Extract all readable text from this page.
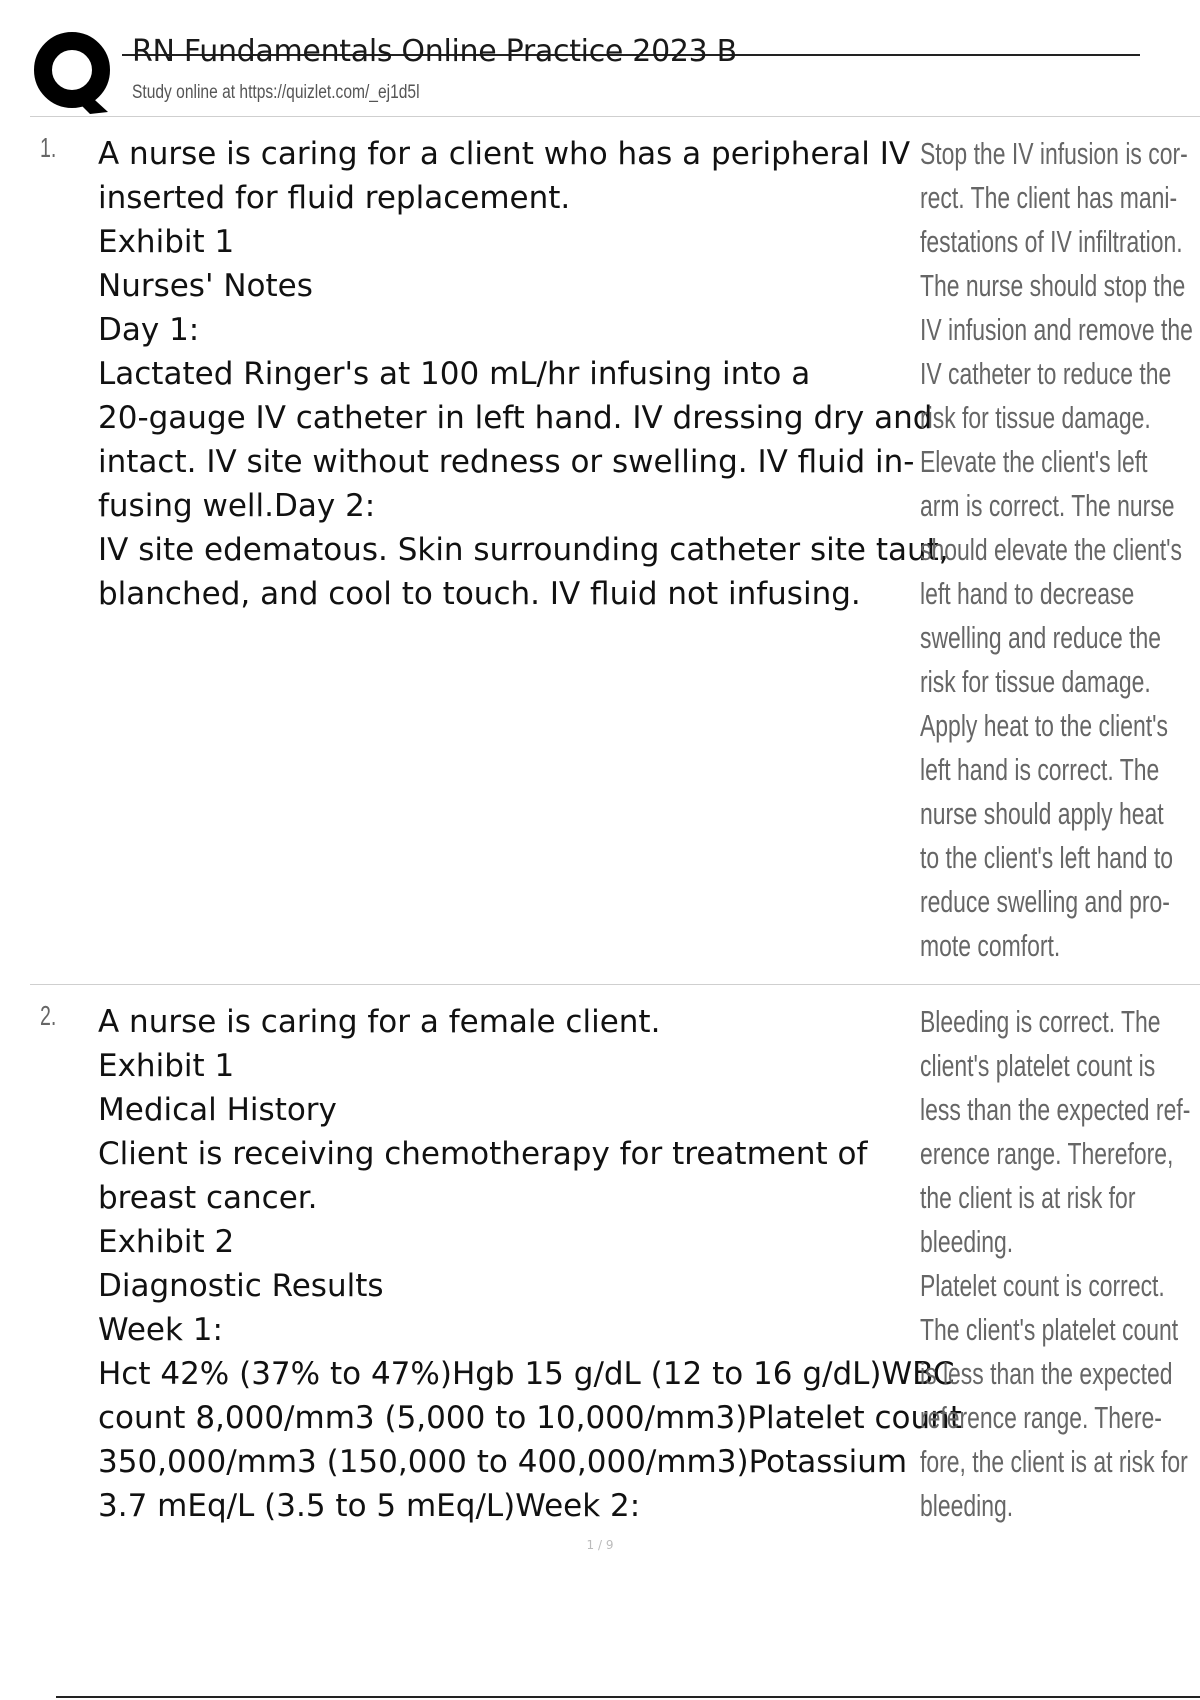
RN Fundamentals Online Practice 2023 B
Study online at https://quizlet.com/_ej1d5l
1. A nurse is caring for a client who has a peripheral IV
inserted for fluid replacement.
Exhibit 1
Nurses' Notes
Day 1:
Lactated Ringer's at 100 mL/hr infusing into a
20-gauge IV catheter in left hand. IV dressing dry and
intact. IV site without redness or swelling. IV fluid in-
fusing well.Day 2:
IV site edematous. Skin surrounding catheter site taut,
blanched, and cool to touch. IV fluid not infusing.
Stop the IV infusion is cor-
rect. The client has mani-
festations of IV infiltration.
The nurse should stop the
IV infusion and remove the
IV catheter to reduce the
risk for tissue damage.
Elevate the client's left
arm is correct. The nurse
should elevate the client's
left hand to decrease
swelling and reduce the
risk for tissue damage.
Apply heat to the client's
left hand is correct. The
nurse should apply heat
to the client's left hand to
reduce swelling and pro-
mote comfort.
2. A nurse is caring for a female client.
Exhibit 1
Medical History
Client is receiving chemotherapy for treatment of
breast cancer.
Exhibit 2
Diagnostic Results
Week 1:
Hct 42% (37% to 47%)Hgb 15 g/dL (12 to 16 g/dL)WBC
count 8,000/mm3 (5,000 to 10,000/mm3)Platelet count
350,000/mm3 (150,000 to 400,000/mm3)Potassium
3.7 mEq/L (3.5 to 5 mEq/L)Week 2:
Bleeding is correct. The
client's platelet count is
less than the expected ref-
erence range. Therefore,
the client is at risk for
bleeding.
Platelet count is correct.
The client's platelet count
is less than the expected
reference range. There-
fore, the client is at risk for
bleeding.
1 / 9
